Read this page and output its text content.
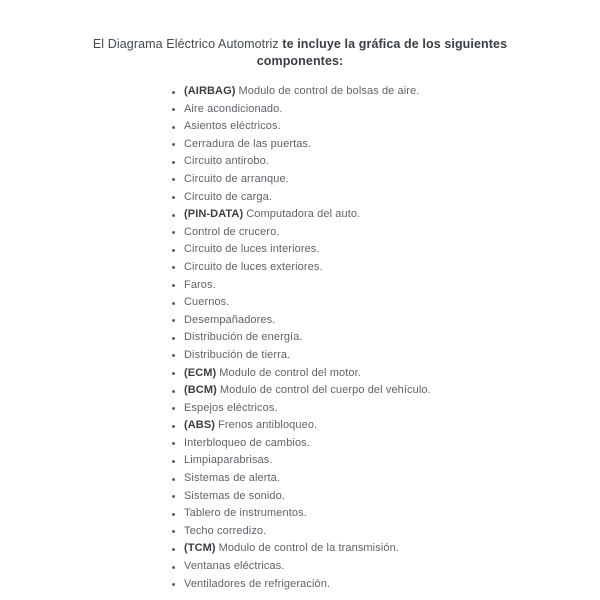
El Diagrama Eléctrico Automotriz te incluye la gráfica de los siguientes
componentes:
(AIRBAG) Modulo de control de bolsas de aire.
Aire acondicionado.
Asientos eléctricos.
Cerradura de las puertas.
Circuito antirobo.
Circuito de arranque.
Circuito de carga.
(PIN-DATA) Computadora del auto.
Control de crucero.
Circuito de luces interiores.
Circuito de luces exteriores.
Faros.
Cuernos.
Desempañadores.
Distribución de energía.
Distribución de tierra.
(ECM) Modulo de control del motor.
(BCM) Modulo de control del cuerpo del vehículo.
Espejos eléctricos.
(ABS) Frenos antibloqueo.
Interbloqueo de cambios.
Limpiaparabrisas.
Sistemas de alerta.
Sistemas de sonido.
Tablero de instrumentos.
Techo corredizo.
(TCM) Modulo de control de la transmisión.
Ventanas eléctricas.
Ventiladores de refrigeración.
